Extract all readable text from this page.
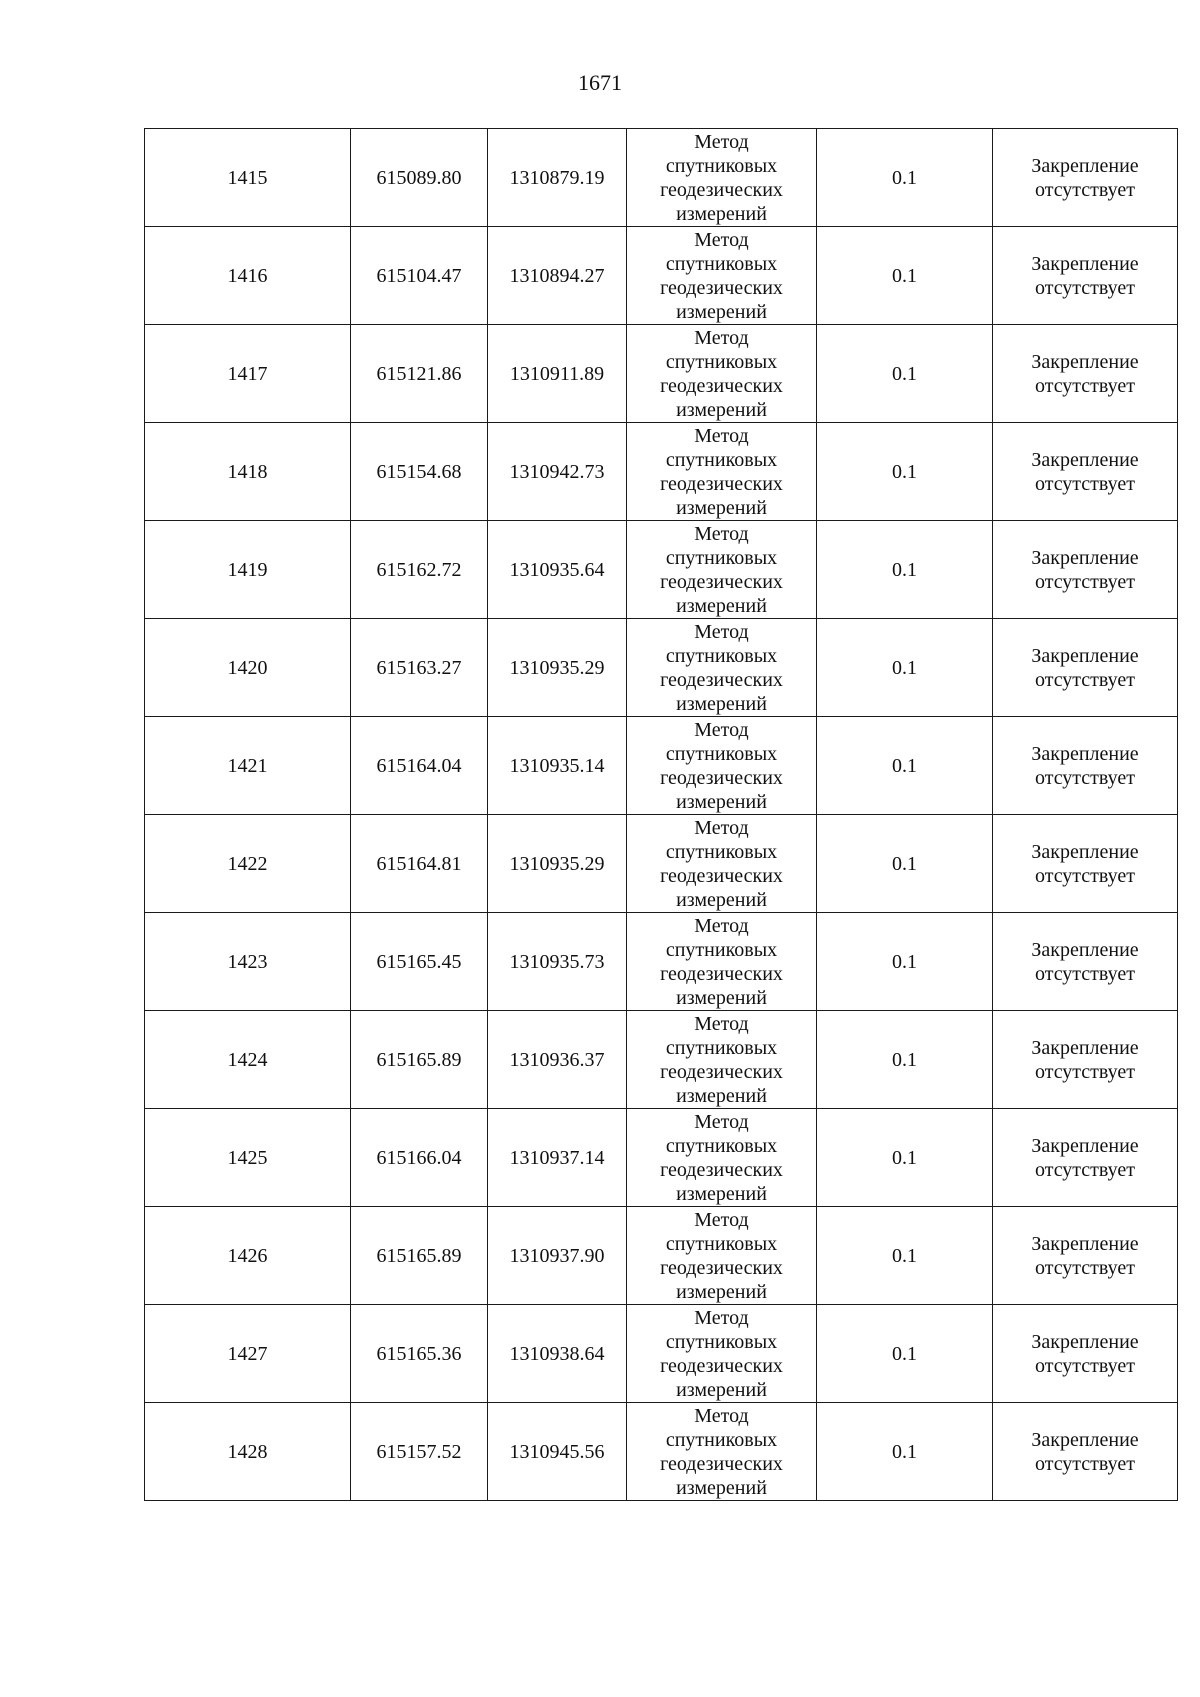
1671
1415	615089.80	1310879.19	Метод
спутниковых
геодезических
измерений	0.1	Закрепление
отсутствует

1416	615104.47	1310894.27	Метод
спутниковых
геодезических
измерений	0.1	Закрепление
отсутствует

1417	615121.86	1310911.89	Метод
спутниковых
геодезических
измерений	0.1	Закрепление
отсутствует

1418	615154.68	1310942.73	Метод
спутниковых
геодезических
измерений	0.1	Закрепление
отсутствует

1419	615162.72	1310935.64	Метод
спутниковых
геодезических
измерений	0.1	Закрепление
отсутствует

1420	615163.27	1310935.29	Метод
спутниковых
геодезических
измерений	0.1	Закрепление
отсутствует

1421	615164.04	1310935.14	Метод
спутниковых
геодезических
измерений	0.1	Закрепление
отсутствует

1422	615164.81	1310935.29	Метод
спутниковых
геодезических
измерений	0.1	Закрепление
отсутствует

1423	615165.45	1310935.73	Метод
спутниковых
геодезических
измерений	0.1	Закрепление
отсутствует

1424	615165.89	1310936.37	Метод
спутниковых
геодезических
измерений	0.1	Закрепление
отсутствует

1425	615166.04	1310937.14	Метод
спутниковых
геодезических
измерений	0.1	Закрепление
отсутствует

1426	615165.89	1310937.90	Метод
спутниковых
геодезических
измерений	0.1	Закрепление
отсутствует

1427	615165.36	1310938.64	Метод
спутниковых
геодезических
измерений	0.1	Закрепление
отсутствует

1428	615157.52	1310945.56	Метод
спутниковых
геодезических
измерений	0.1	Закрепление
отсутствует
